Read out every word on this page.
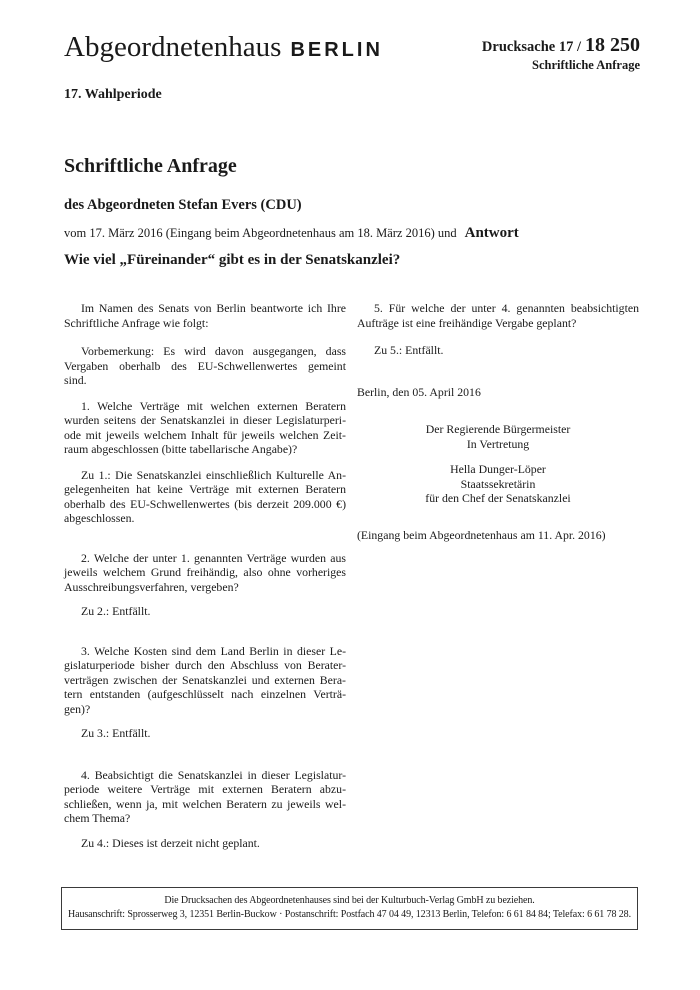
Abgeordnetenhaus BERLIN	Drucksache 17 / 18 250
Schriftliche Anfrage
17. Wahlperiode
Schriftliche Anfrage
des Abgeordneten Stefan Evers (CDU)
vom 17. März 2016 (Eingang beim Abgeordnetenhaus am 18. März 2016) und Antwort
Wie viel „Füreinander“ gibt es in der Senatskanzlei?
Im Namen des Senats von Berlin beantworte ich Ihre
Schriftliche Anfrage wie folgt:
Vorbemerkung: Es wird davon ausgegangen, dass
Vergaben oberhalb des EU-Schwellenwertes gemeint
sind.
1. Welche Verträge mit welchen externen Beratern
wurden seitens der Senatskanzlei in dieser Legislaturperi-
ode mit jeweils welchem Inhalt für jeweils welchen Zeit-
raum abgeschlossen (bitte tabellarische Angabe)?
Zu 1.: Die Senatskanzlei einschließlich Kulturelle An-
gelegenheiten hat keine Verträge mit externen Beratern
oberhalb des EU-Schwellenwertes (bis derzeit 209.000 €)
abgeschlossen.
2. Welche der unter 1. genannten Verträge wurden aus
jeweils welchem Grund freihändig, also ohne vorheriges
Ausschreibungsverfahren, vergeben?
Zu 2.: Entfällt.
3. Welche Kosten sind dem Land Berlin in dieser Le-
gislaturperiode bisher durch den Abschluss von Berater-
verträgen zwischen der Senatskanzlei und externen Bera-
tern entstanden (aufgeschlüsselt nach einzelnen Verträ-
gen)?
Zu 3.: Entfällt.
4. Beabsichtigt die Senatskanzlei in dieser Legislatur-
periode weitere Verträge mit externen Beratern abzu-
schließen, wenn ja, mit welchen Beratern zu jeweils wel-
chem Thema?
Zu 4.: Dieses ist derzeit nicht geplant.
5. Für welche der unter 4. genannten beabsichtigten
Aufträge ist eine freihändige Vergabe geplant?
Zu 5.: Entfällt.
Berlin, den 05. April 2016
Der Regierende Bürgermeister
In Vertretung
Hella Dunger-Löper
Staatssekretärin
für den Chef der Senatskanzlei
(Eingang beim Abgeordnetenhaus am 11. Apr. 2016)
Die Drucksachen des Abgeordnetenhauses sind bei der Kulturbuch-Verlag GmbH zu beziehen.
Hausanschrift: Sprosserweg 3, 12351 Berlin-Buckow · Postanschrift: Postfach 47 04 49, 12313 Berlin, Telefon: 6 61 84 84; Telefax: 6 61 78 28.
